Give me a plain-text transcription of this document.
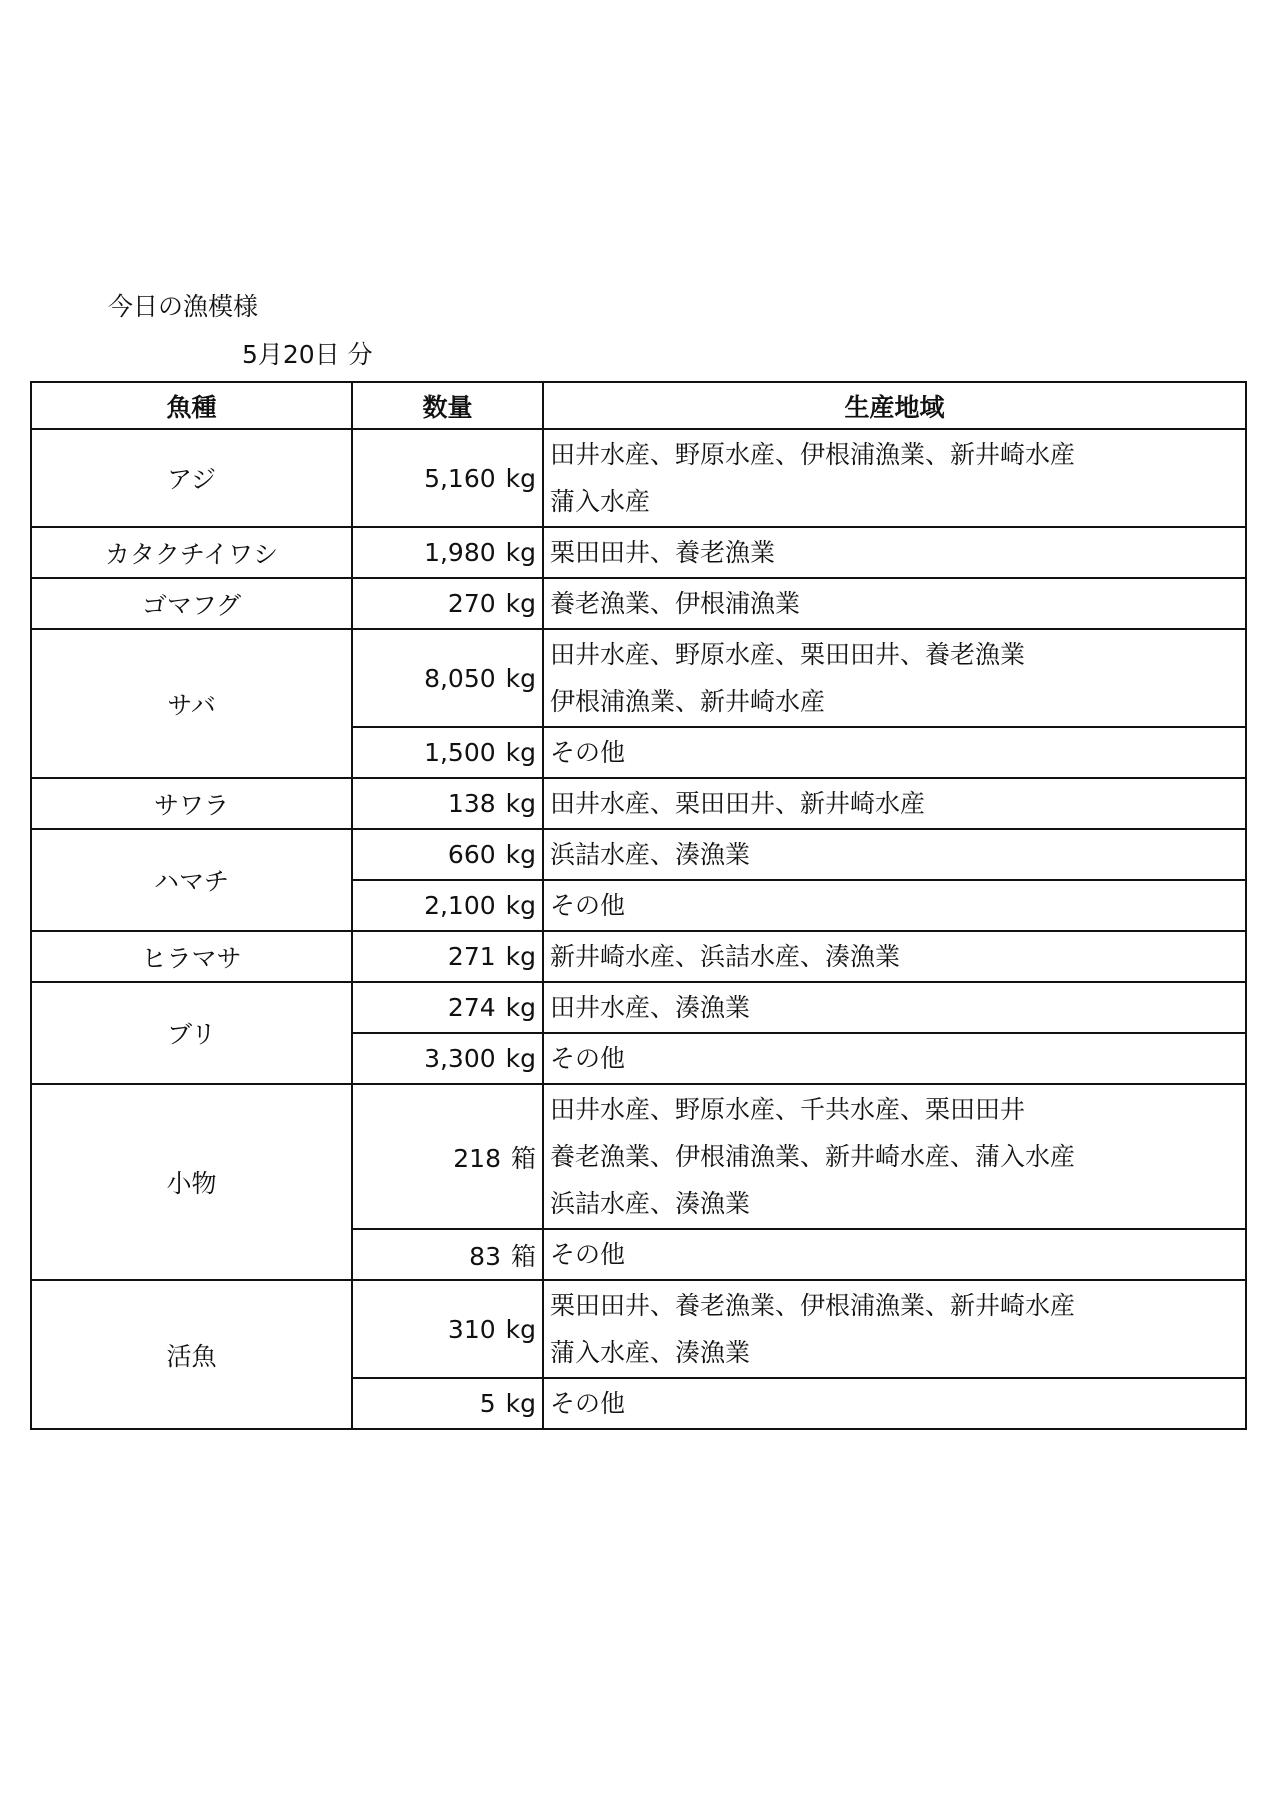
今日の漁模様
5月20日 分
魚種	数量	生産地域
アジ	5,160 kg	田井水産、野原水産、伊根浦漁業、新井崎水産
蒲入水産

カタクチイワシ	1,980 kg	栗田田井、養老漁業

ゴマフグ	270 kg	養老漁業、伊根浦漁業

サバ	8,050 kg	田井水産、野原水産、栗田田井、養老漁業
伊根浦漁業、新井崎水産

	1,500 kg	その他

サワラ	138 kg	田井水産、栗田田井、新井崎水産

ハマチ	660 kg	浜詰水産、湊漁業

	2,100 kg	その他

ヒラマサ	271 kg	新井崎水産、浜詰水産、湊漁業

ブリ	274 kg	田井水産、湊漁業

	3,300 kg	その他

小物	218 箱	田井水産、野原水産、千共水産、栗田田井
養老漁業、伊根浦漁業、新井崎水産、蒲入水産
浜詰水産、湊漁業

	83 箱	その他

活魚	310 kg	栗田田井、養老漁業、伊根浦漁業、新井崎水産
蒲入水産、湊漁業

	5 kg	その他
